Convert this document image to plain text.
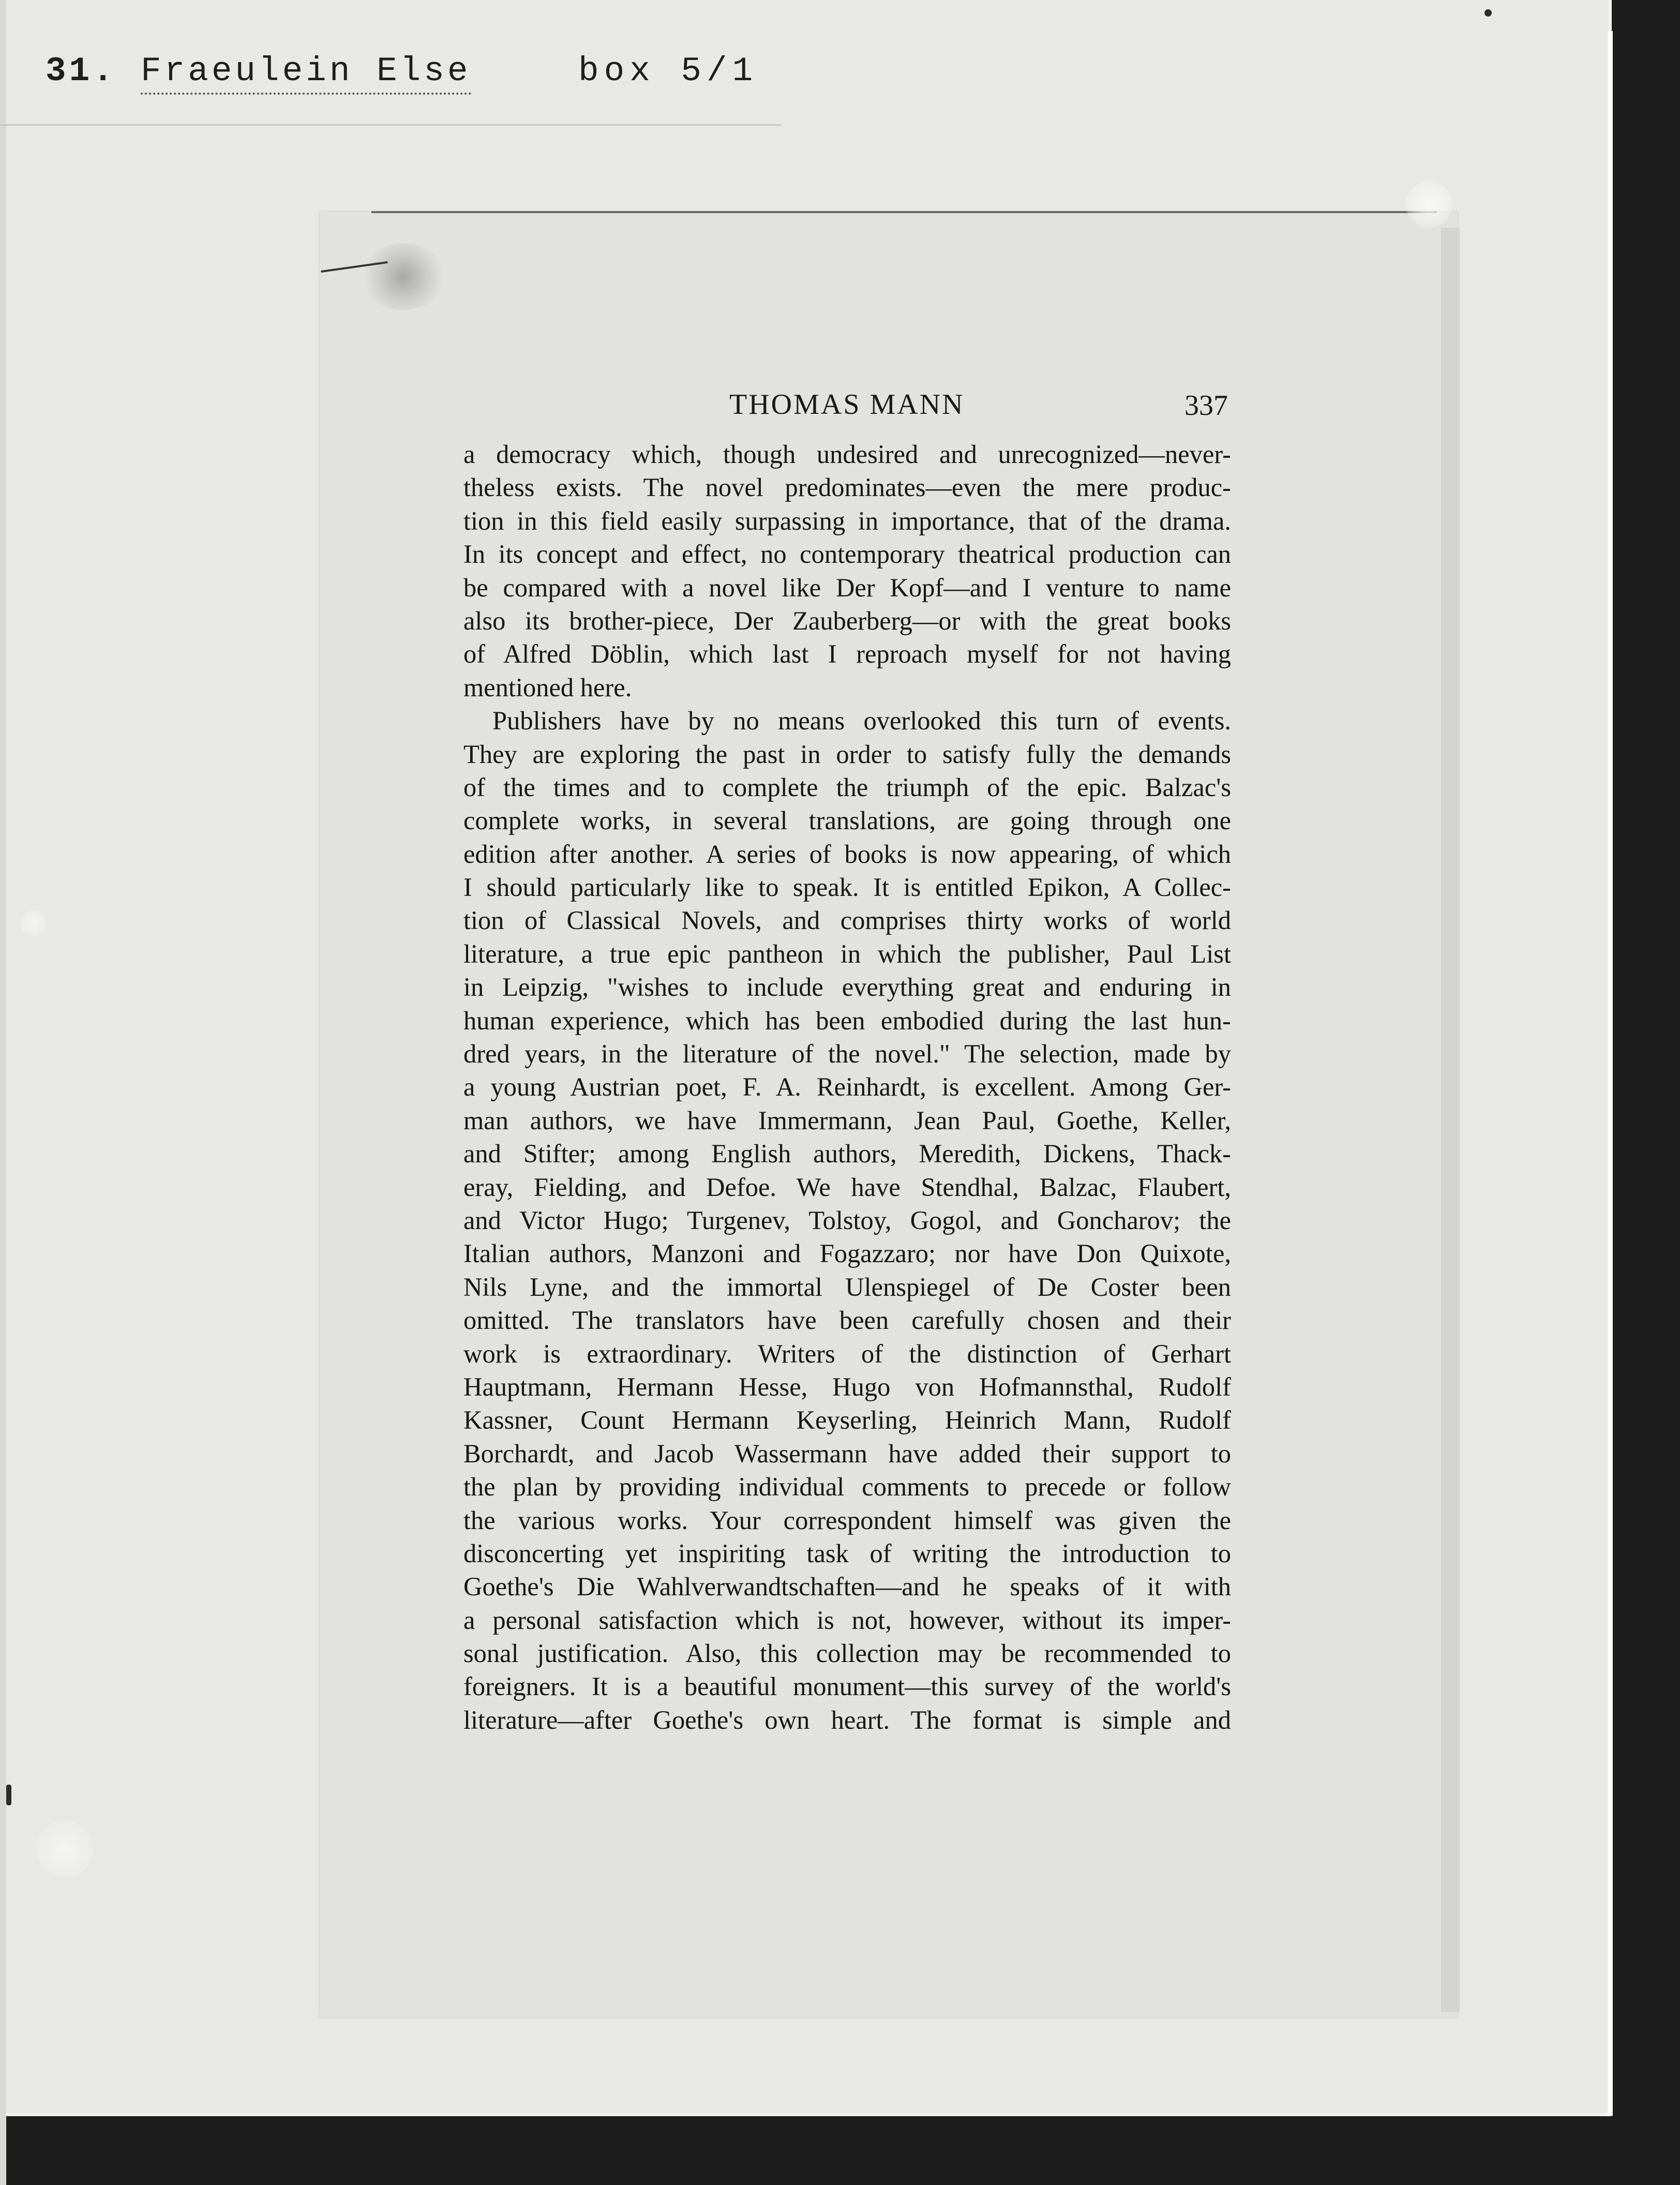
31. Fraeulein Else	box 5/1
THOMAS MANN	337
a democracy which, though undesired and unrecognized—never-
theless exists. The novel predominates—even the mere produc-
tion in this field easily surpassing in importance, that of the drama.
In its concept and effect, no contemporary theatrical production can
be compared with a novel like Der Kopf—and I venture to name
also its brother-piece, Der Zauberberg—or with the great books
of Alfred Döblin, which last I reproach myself for not having
mentioned here.
Publishers have by no means overlooked this turn of events.
They are exploring the past in order to satisfy fully the demands
of the times and to complete the triumph of the epic. Balzac's
complete works, in several translations, are going through one
edition after another. A series of books is now appearing, of which
I should particularly like to speak. It is entitled Epikon, A Collec-
tion of Classical Novels, and comprises thirty works of world
literature, a true epic pantheon in which the publisher, Paul List
in Leipzig, "wishes to include everything great and enduring in
human experience, which has been embodied during the last hun-
dred years, in the literature of the novel." The selection, made by
a young Austrian poet, F. A. Reinhardt, is excellent. Among Ger-
man authors, we have Immermann, Jean Paul, Goethe, Keller,
and Stifter; among English authors, Meredith, Dickens, Thack-
eray, Fielding, and Defoe. We have Stendhal, Balzac, Flaubert,
and Victor Hugo; Turgenev, Tolstoy, Gogol, and Goncharov; the
Italian authors, Manzoni and Fogazzaro; nor have Don Quixote,
Nils Lyne, and the immortal Ulenspiegel of De Coster been
omitted. The translators have been carefully chosen and their
work is extraordinary. Writers of the distinction of Gerhart
Hauptmann, Hermann Hesse, Hugo von Hofmannsthal, Rudolf
Kassner, Count Hermann Keyserling, Heinrich Mann, Rudolf
Borchardt, and Jacob Wassermann have added their support to
the plan by providing individual comments to precede or follow
the various works. Your correspondent himself was given the
disconcerting yet inspiriting task of writing the introduction to
Goethe's Die Wahlverwandtschaften—and he speaks of it with
a personal satisfaction which is not, however, without its imper-
sonal justification. Also, this collection may be recommended to
foreigners. It is a beautiful monument—this survey of the world's
literature—after Goethe's own heart. The format is simple and
